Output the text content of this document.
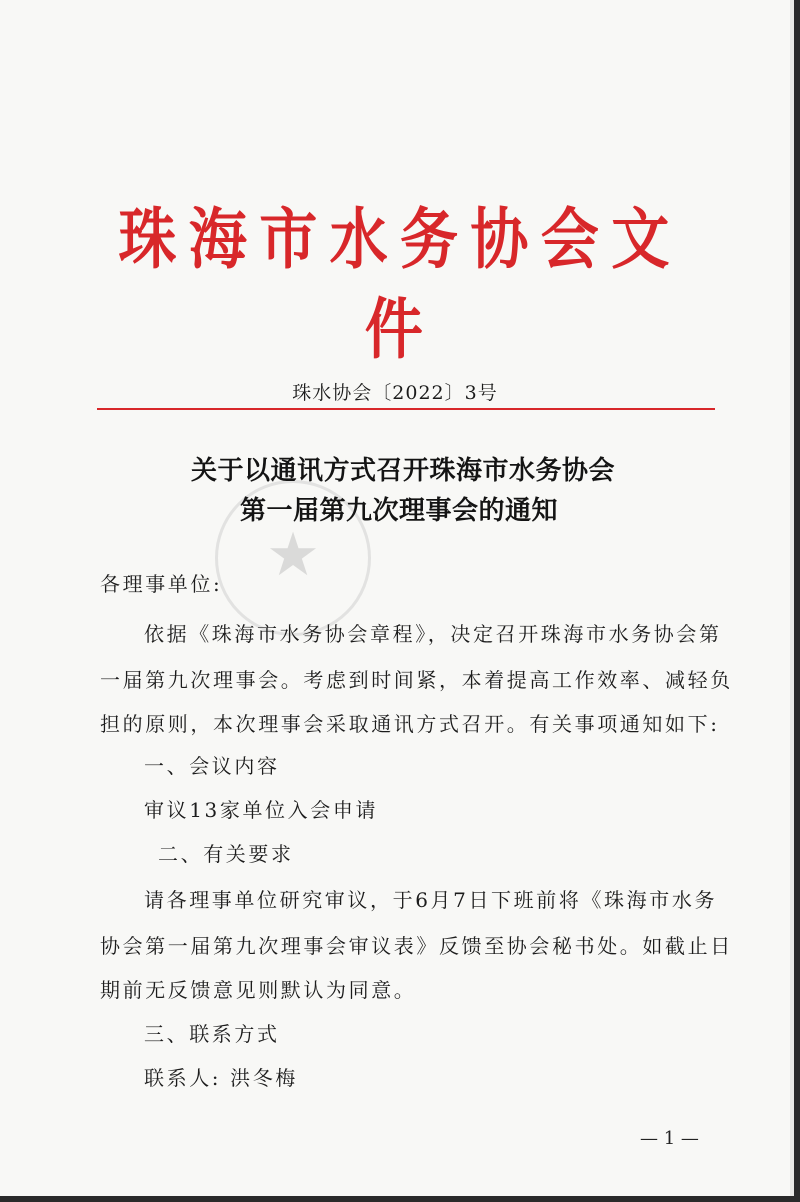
★
珠海市水务协会文件
珠水协会〔2022〕3号
关于以通讯方式召开珠海市水务协会
第一届第九次理事会的通知
各理事单位:
依据《珠海市水务协会章程》，决定召开珠海市水务协会第
一届第九次理事会。考虑到时间紧，本着提高工作效率、减轻负
担的原则，本次理事会采取通讯方式召开。有关事项通知如下:
一、会议内容
审议13家单位入会申请
二、有关要求
请各理事单位研究审议，于6月7日下班前将《珠海市水务
协会第一届第九次理事会审议表》反馈至协会秘书处。如截止日
期前无反馈意见则默认为同意。
三、联系方式
联系人: 洪冬梅
— 1 —
